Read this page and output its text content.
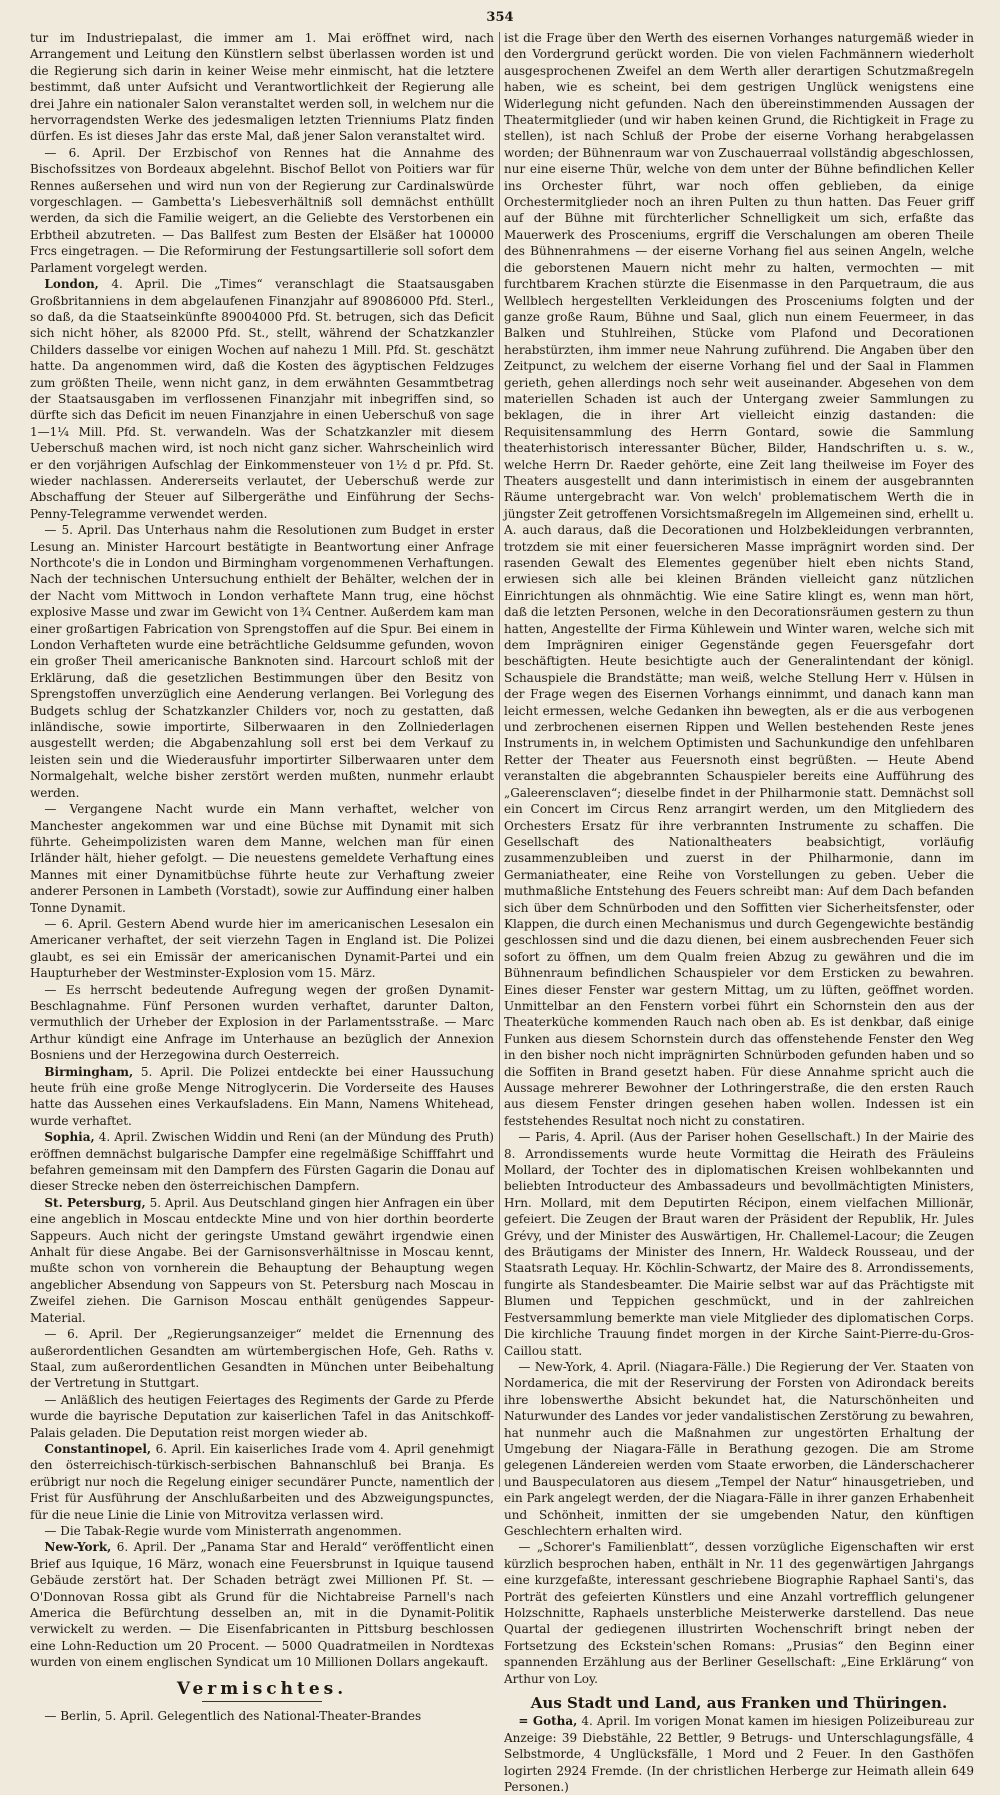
354

tur im Industriepalast, die immer am 1. Mai eröffnet wird, nach Arrangement und Leitung den Künstlern selbst überlassen worden ist und die Regierung sich darin in keiner Weise mehr einmischt, hat die letztere bestimmt, daß unter Aufsicht und Verantwortlichkeit der Regierung alle drei Jahre ein nationaler Salon veranstaltet werden soll, in welchem nur die hervorragendsten Werke des jedesmaligen letzten Trienniums Platz finden dürfen. Es ist dieses Jahr das erste Mal, daß jener Salon veranstaltet wird.

— 6. April. Der Erzbischof von Rennes hat die Annahme des Bischofssitzes von Bordeaux abgelehnt. Bischof Bellot von Poitiers war für Rennes außersehen und wird nun von der Regierung zur Cardinalswürde vorgeschlagen. — Gambetta's Liebesverhältniß soll demnächst enthüllt werden, da sich die Familie weigert, an die Geliebte des Verstorbenen ein Erbtheil abzutreten. — Das Ballfest zum Besten der Elsäßer hat 100000 Frcs eingetragen. — Die Reformirung der Festungsartillerie soll sofort dem Parlament vorgelegt werden.

London, 4. April. Die „Times“ veranschlagt die Staatsausgaben Großbritanniens in dem abgelaufenen Finanzjahr auf 89086000 Pfd. Sterl., so daß, da die Staatseinkünfte 89004000 Pfd. St. betrugen, sich das Deficit sich nicht höher, als 82000 Pfd. St., stellt, während der Schatzkanzler Childers dasselbe vor einigen Wochen auf nahezu 1 Mill. Pfd. St. geschätzt hatte. Da angenommen wird, daß die Kosten des ägyptischen Feldzuges zum größten Theile, wenn nicht ganz, in dem erwähnten Gesammtbetrag der Staatsausgaben im verflossenen Finanzjahr mit inbegriffen sind, so dürfte sich das Deficit im neuen Finanzjahre in einen Ueberschuß von sage 1—1¼ Mill. Pfd. St. verwandeln. Was der Schatzkanzler mit diesem Ueberschuß machen wird, ist noch nicht ganz sicher. Wahrscheinlich wird er den vorjährigen Aufschlag der Einkommensteuer von 1½ d pr. Pfd. St. wieder nachlassen. Andererseits verlautet, der Ueberschuß werde zur Abschaffung der Steuer auf Silbergeräthe und Einführung der Sechs-Penny-Telegramme verwendet werden.

— 5. April. Das Unterhaus nahm die Resolutionen zum Budget in erster Lesung an. Minister Harcourt bestätigte in Beantwortung einer Anfrage Northcote's die in London und Birmingham vorgenommenen Verhaftungen. Nach der technischen Untersuchung enthielt der Behälter, welchen der in der Nacht vom Mittwoch in London verhaftete Mann trug, eine höchst explosive Masse und zwar im Gewicht von 1¾ Centner. Außerdem kam man einer großartigen Fabrication von Sprengstoffen auf die Spur. Bei einem in London Verhafteten wurde eine beträchtliche Geldsumme gefunden, wovon ein großer Theil americanische Banknoten sind. Harcourt schloß mit der Erklärung, daß die gesetzlichen Bestimmungen über den Besitz von Sprengstoffen unverzüglich eine Aenderung verlangen. Bei Vorlegung des Budgets schlug der Schatzkanzler Childers vor, noch zu gestatten, daß inländische, sowie importirte, Silberwaaren in den Zollniederlagen ausgestellt werden; die Abgabenzahlung soll erst bei dem Verkauf zu leisten sein und die Wiederausfuhr importirter Silberwaaren unter dem Normalgehalt, welche bisher zerstört werden mußten, nunmehr erlaubt werden.

— Vergangene Nacht wurde ein Mann verhaftet, welcher von Manchester angekommen war und eine Büchse mit Dynamit mit sich führte. Geheimpolizisten waren dem Manne, welchen man für einen Irländer hält, hieher gefolgt. — Die neuestens gemeldete Verhaftung eines Mannes mit einer Dynamitbüchse führte heute zur Verhaftung zweier anderer Personen in Lambeth (Vorstadt), sowie zur Auffindung einer halben Tonne Dynamit.

— 6. April. Gestern Abend wurde hier im americanischen Lesesalon ein Americaner verhaftet, der seit vierzehn Tagen in England ist. Die Polizei glaubt, es sei ein Emissär der americanischen Dynamit-Partei und ein Haupturheber der Westminster-Explosion vom 15. März.

— Es herrscht bedeutende Aufregung wegen der großen Dynamit-Beschlagnahme. Fünf Personen wurden verhaftet, darunter Dalton, vermuthlich der Urheber der Explosion in der Parlamentsstraße. — Marc Arthur kündigt eine Anfrage im Unterhause an bezüglich der Annexion Bosniens und der Herzegowina durch Oesterreich.

Birmingham, 5. April. Die Polizei entdeckte bei einer Haussuchung heute früh eine große Menge Nitroglycerin. Die Vorderseite des Hauses hatte das Aussehen eines Verkaufsladens. Ein Mann, Namens Whitehead, wurde verhaftet.

Sophia, 4. April. Zwischen Widdin und Reni (an der Mündung des Pruth) eröffnen demnächst bulgarische Dampfer eine regelmäßige Schifffahrt und befahren gemeinsam mit den Dampfern des Fürsten Gagarin die Donau auf dieser Strecke neben den österreichischen Dampfern.

St. Petersburg, 5. April. Aus Deutschland gingen hier Anfragen ein über eine angeblich in Moscau entdeckte Mine und von hier dorthin beorderte Sappeurs. Auch nicht der geringste Umstand gewährt irgendwie einen Anhalt für diese Angabe. Bei der Garnisonsverhältnisse in Moscau kennt, mußte schon von vornherein die Behauptung der Behauptung wegen angeblicher Absendung von Sappeurs von St. Petersburg nach Moscau in Zweifel ziehen. Die Garnison Moscau enthält genügendes Sappeur-Material.

— 6. April. Der „Regierungsanzeiger“ meldet die Ernennung des außerordentlichen Gesandten am würtembergischen Hofe, Geh. Raths v. Staal, zum außerordentlichen Gesandten in München unter Beibehaltung der Vertretung in Stuttgart.

— Anläßlich des heutigen Feiertages des Regiments der Garde zu Pferde wurde die bayrische Deputation zur kaiserlichen Tafel in das Anitschkoff-Palais geladen. Die Deputation reist morgen wieder ab.

Constantinopel, 6. April. Ein kaiserliches Irade vom 4. April genehmigt den österreichisch-türkisch-serbischen Bahnanschluß bei Branja. Es erübrigt nur noch die Regelung einiger secundärer Puncte, namentlich der Frist für Ausführung der Anschlußarbeiten und des Abzweigungspunctes, für die neue Linie die Linie von Mitrovitza verlassen wird.

— Die Tabak-Regie wurde vom Ministerrath angenommen.

New-York, 6. April. Der „Panama Star and Herald“ veröffentlicht einen Brief aus Iquique, 16 März, wonach eine Feuersbrunst in Iquique tausend Gebäude zerstört hat. Der Schaden beträgt zwei Millionen Pf. St. — O'Donnovan Rossa gibt als Grund für die Nichtabreise Parnell's nach America die Befürchtung desselben an, mit in die Dynamit-Politik verwickelt zu werden. — Die Eisenfabricanten in Pittsburg beschlossen eine Lohn-Reduction um 20 Procent. — 5000 Quadratmeilen in Nordtexas wurden von einem englischen Syndicat um 10 Millionen Dollars angekauft.

Vermischtes.

— Berlin, 5. April. Gelegentlich des National-Theater-Brandes

ist die Frage über den Werth des eisernen Vorhanges naturgemäß wieder in den Vordergrund gerückt worden. Die von vielen Fachmännern wiederholt ausgesprochenen Zweifel an dem Werth aller derartigen Schutzmaßregeln haben, wie es scheint, bei dem gestrigen Unglück wenigstens eine Widerlegung nicht gefunden. Nach den übereinstimmenden Aussagen der Theatermitglieder (und wir haben keinen Grund, die Richtigkeit in Frage zu stellen), ist nach Schluß der Probe der eiserne Vorhang herabgelassen worden; der Bühnenraum war von Zuschauerraal vollständig abgeschlossen, nur eine eiserne Thür, welche von dem unter der Bühne befindlichen Keller ins Orchester führt, war noch offen geblieben, da einige Orchestermitglieder noch an ihren Pulten zu thun hatten. Das Feuer griff auf der Bühne mit fürchterlicher Schnelligkeit um sich, erfaßte das Mauerwerk des Prosceniums, ergriff die Verschalungen am oberen Theile des Bühnenrahmens — der eiserne Vorhang fiel aus seinen Angeln, welche die geborstenen Mauern nicht mehr zu halten, vermochten — mit furchtbarem Krachen stürzte die Eisenmasse in den Parquetraum, die aus Wellblech hergestellten Verkleidungen des Prosceniums folgten und der ganze große Raum, Bühne und Saal, glich nun einem Feuermeer, in das Balken und Stuhlreihen, Stücke vom Plafond und Decorationen herabstürzten, ihm immer neue Nahrung zuführend. Die Angaben über den Zeitpunct, zu welchem der eiserne Vorhang fiel und der Saal in Flammen gerieth, gehen allerdings noch sehr weit auseinander. Abgesehen von dem materiellen Schaden ist auch der Untergang zweier Sammlungen zu beklagen, die in ihrer Art vielleicht einzig dastanden: die Requisitensammlung des Herrn Gontard, sowie die Sammlung theaterhistorisch interessanter Bücher, Bilder, Handschriften u. s. w., welche Herrn Dr. Raeder gehörte, eine Zeit lang theilweise im Foyer des Theaters ausgestellt und dann interimistisch in einem der ausgebrannten Räume untergebracht war. Von welch' problematischem Werth die in jüngster Zeit getroffenen Vorsichtsmaßregeln im Allgemeinen sind, erhellt u. A. auch daraus, daß die Decorationen und Holzbekleidungen verbrannten, trotzdem sie mit einer feuersicheren Masse imprägnirt worden sind. Der rasenden Gewalt des Elementes gegenüber hielt eben nichts Stand, erwiesen sich alle bei kleinen Bränden vielleicht ganz nützlichen Einrichtungen als ohnmächtig. Wie eine Satire klingt es, wenn man hört, daß die letzten Personen, welche in den Decorationsräumen gestern zu thun hatten, Angestellte der Firma Kühlewein und Winter waren, welche sich mit dem Imprägniren einiger Gegenstände gegen Feuersgefahr dort beschäftigten. Heute besichtigte auch der Generalintendant der königl. Schauspiele die Brandstätte; man weiß, welche Stellung Herr v. Hülsen in der Frage wegen des Eisernen Vorhangs einnimmt, und danach kann man leicht ermessen, welche Gedanken ihn bewegten, als er die aus verbogenen und zerbrochenen eisernen Rippen und Wellen bestehenden Reste jenes Instruments in, in welchem Optimisten und Sachunkundige den unfehlbaren Retter der Theater aus Feuersnoth einst begrüßten. — Heute Abend veranstalten die abgebrannten Schauspieler bereits eine Aufführung des „Galeerensclaven“; dieselbe findet in der Philharmonie statt. Demnächst soll ein Concert im Circus Renz arrangirt werden, um den Mitgliedern des Orchesters Ersatz für ihre verbrannten Instrumente zu schaffen. Die Gesellschaft des Nationaltheaters beabsichtigt, vorläufig zusammenzubleiben und zuerst in der Philharmonie, dann im Germaniatheater, eine Reihe von Vorstellungen zu geben. Ueber die muthmaßliche Entstehung des Feuers schreibt man: Auf dem Dach befanden sich über dem Schnürboden und den Soffitten vier Sicherheitsfenster, oder Klappen, die durch einen Mechanismus und durch Gegengewichte beständig geschlossen sind und die dazu dienen, bei einem ausbrechenden Feuer sich sofort zu öffnen, um dem Qualm freien Abzug zu gewähren und die im Bühnenraum befindlichen Schauspieler vor dem Ersticken zu bewahren. Eines dieser Fenster war gestern Mittag, um zu lüften, geöffnet worden. Unmittelbar an den Fenstern vorbei führt ein Schornstein den aus der Theaterküche kommenden Rauch nach oben ab. Es ist denkbar, daß einige Funken aus diesem Schornstein durch das offenstehende Fenster den Weg in den bisher noch nicht imprägnirten Schnürboden gefunden haben und so die Soffiten in Brand gesetzt haben. Für diese Annahme spricht auch die Aussage mehrerer Bewohner der Lothringerstraße, die den ersten Rauch aus diesem Fenster dringen gesehen haben wollen. Indessen ist ein feststehendes Resultat noch nicht zu constatiren.

— Paris, 4. April. (Aus der Pariser hohen Gesellschaft.) In der Mairie des 8. Arrondissements wurde heute Vormittag die Heirath des Fräuleins Mollard, der Tochter des in diplomatischen Kreisen wohlbekannten und beliebten Introducteur des Ambassadeurs und bevollmächtigten Ministers, Hrn. Mollard, mit dem Deputirten Récipon, einem vielfachen Millionär, gefeiert. Die Zeugen der Braut waren der Präsident der Republik, Hr. Jules Grévy, und der Minister des Auswärtigen, Hr. Challemel-Lacour; die Zeugen des Bräutigams der Minister des Innern, Hr. Waldeck Rousseau, und der Staatsrath Lequay. Hr. Köchlin-Schwartz, der Maire des 8. Arrondissements, fungirte als Standesbeamter. Die Mairie selbst war auf das Prächtigste mit Blumen und Teppichen geschmückt, und in der zahlreichen Festversammlung bemerkte man viele Mitglieder des diplomatischen Corps. Die kirchliche Trauung findet morgen in der Kirche Saint-Pierre-du-Gros-Caillou statt.

— New-York, 4. April. (Niagara-Fälle.) Die Regierung der Ver. Staaten von Nordamerica, die mit der Reservirung der Forsten von Adirondack bereits ihre lobenswerthe Absicht bekundet hat, die Naturschönheiten und Naturwunder des Landes vor jeder vandalistischen Zerstörung zu bewahren, hat nunmehr auch die Maßnahmen zur ungestörten Erhaltung der Umgebung der Niagara-Fälle in Berathung gezogen. Die am Strome gelegenen Ländereien werden vom Staate erworben, die Länderschacherer und Bauspeculatoren aus diesem „Tempel der Natur“ hinausgetrieben, und ein Park angelegt werden, der die Niagara-Fälle in ihrer ganzen Erhabenheit und Schönheit, inmitten der sie umgebenden Natur, den künftigen Geschlechtern erhalten wird.

— „Schorer's Familienblatt“, dessen vorzügliche Eigenschaften wir erst kürzlich besprochen haben, enthält in Nr. 11 des gegenwärtigen Jahrgangs eine kurzgefaßte, interessant geschriebene Biographie Raphael Santi's, das Porträt des gefeierten Künstlers und eine Anzahl vortrefflich gelungener Holzschnitte, Raphaels unsterbliche Meisterwerke darstellend. Das neue Quartal der gediegenen illustrirten Wochenschrift bringt neben der Fortsetzung des Eckstein'schen Romans: „Prusias“ den Beginn einer spannenden Erzählung aus der Berliner Gesellschaft: „Eine Erklärung“ von Arthur von Loy.

Aus Stadt und Land, aus Franken und Thüringen.

= Gotha, 4. April. Im vorigen Monat kamen im hiesigen Polizeibureau zur Anzeige: 39 Diebstähle, 22 Bettler, 9 Betrugs- und Unterschlagungsfälle, 4 Selbstmorde, 4 Unglücksfälle, 1 Mord und 2 Feuer. In den Gasthöfen logirten 2924 Fremde. (In der christlichen Herberge zur Heimath allein 649 Personen.)
